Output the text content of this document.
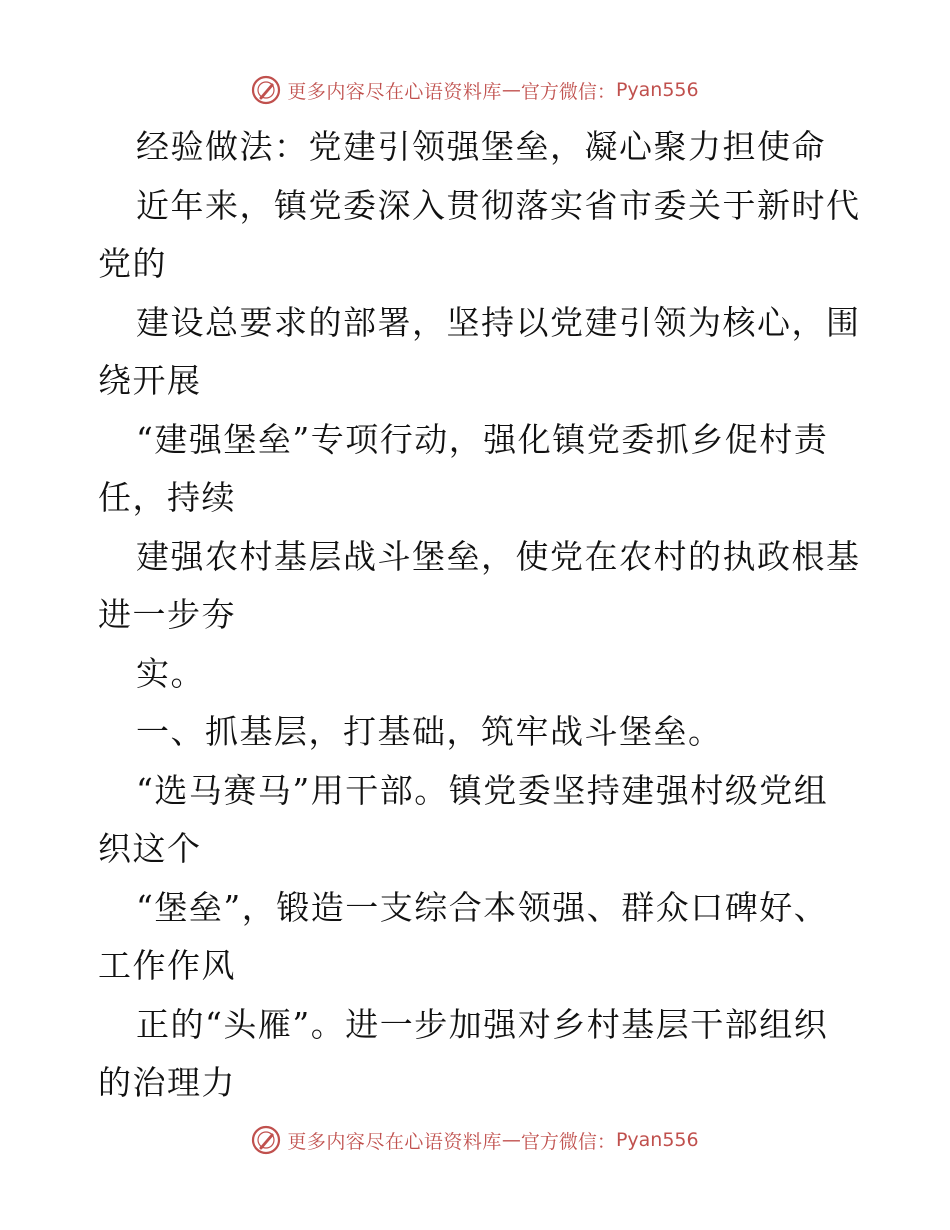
更多内容尽在心语资料库 — 官方微信： Pyan556
经验做法：党建引领强堡垒，凝心聚力担使命
近年来，镇党委深入贯彻落实省市委关于新时代
党的
建设总要求的部署，坚持以党建引领为核心，围
绕开展
“建强堡垒”专项行动，强化镇党委抓乡促村责
任，持续
建强农村基层战斗堡垒，使党在农村的执政根基
进一步夯
实。
一、抓基层，打基础，筑牢战斗堡垒。
“选马赛马”用干部。镇党委坚持建强村级党组
织这个
“堡垒”，锻造一支综合本领强、群众口碑好、
工作作风
正的“头雁”。进一步加强对乡村基层干部组织
的治理力
更多内容尽在心语资料库 — 官方微信： Pyan556
